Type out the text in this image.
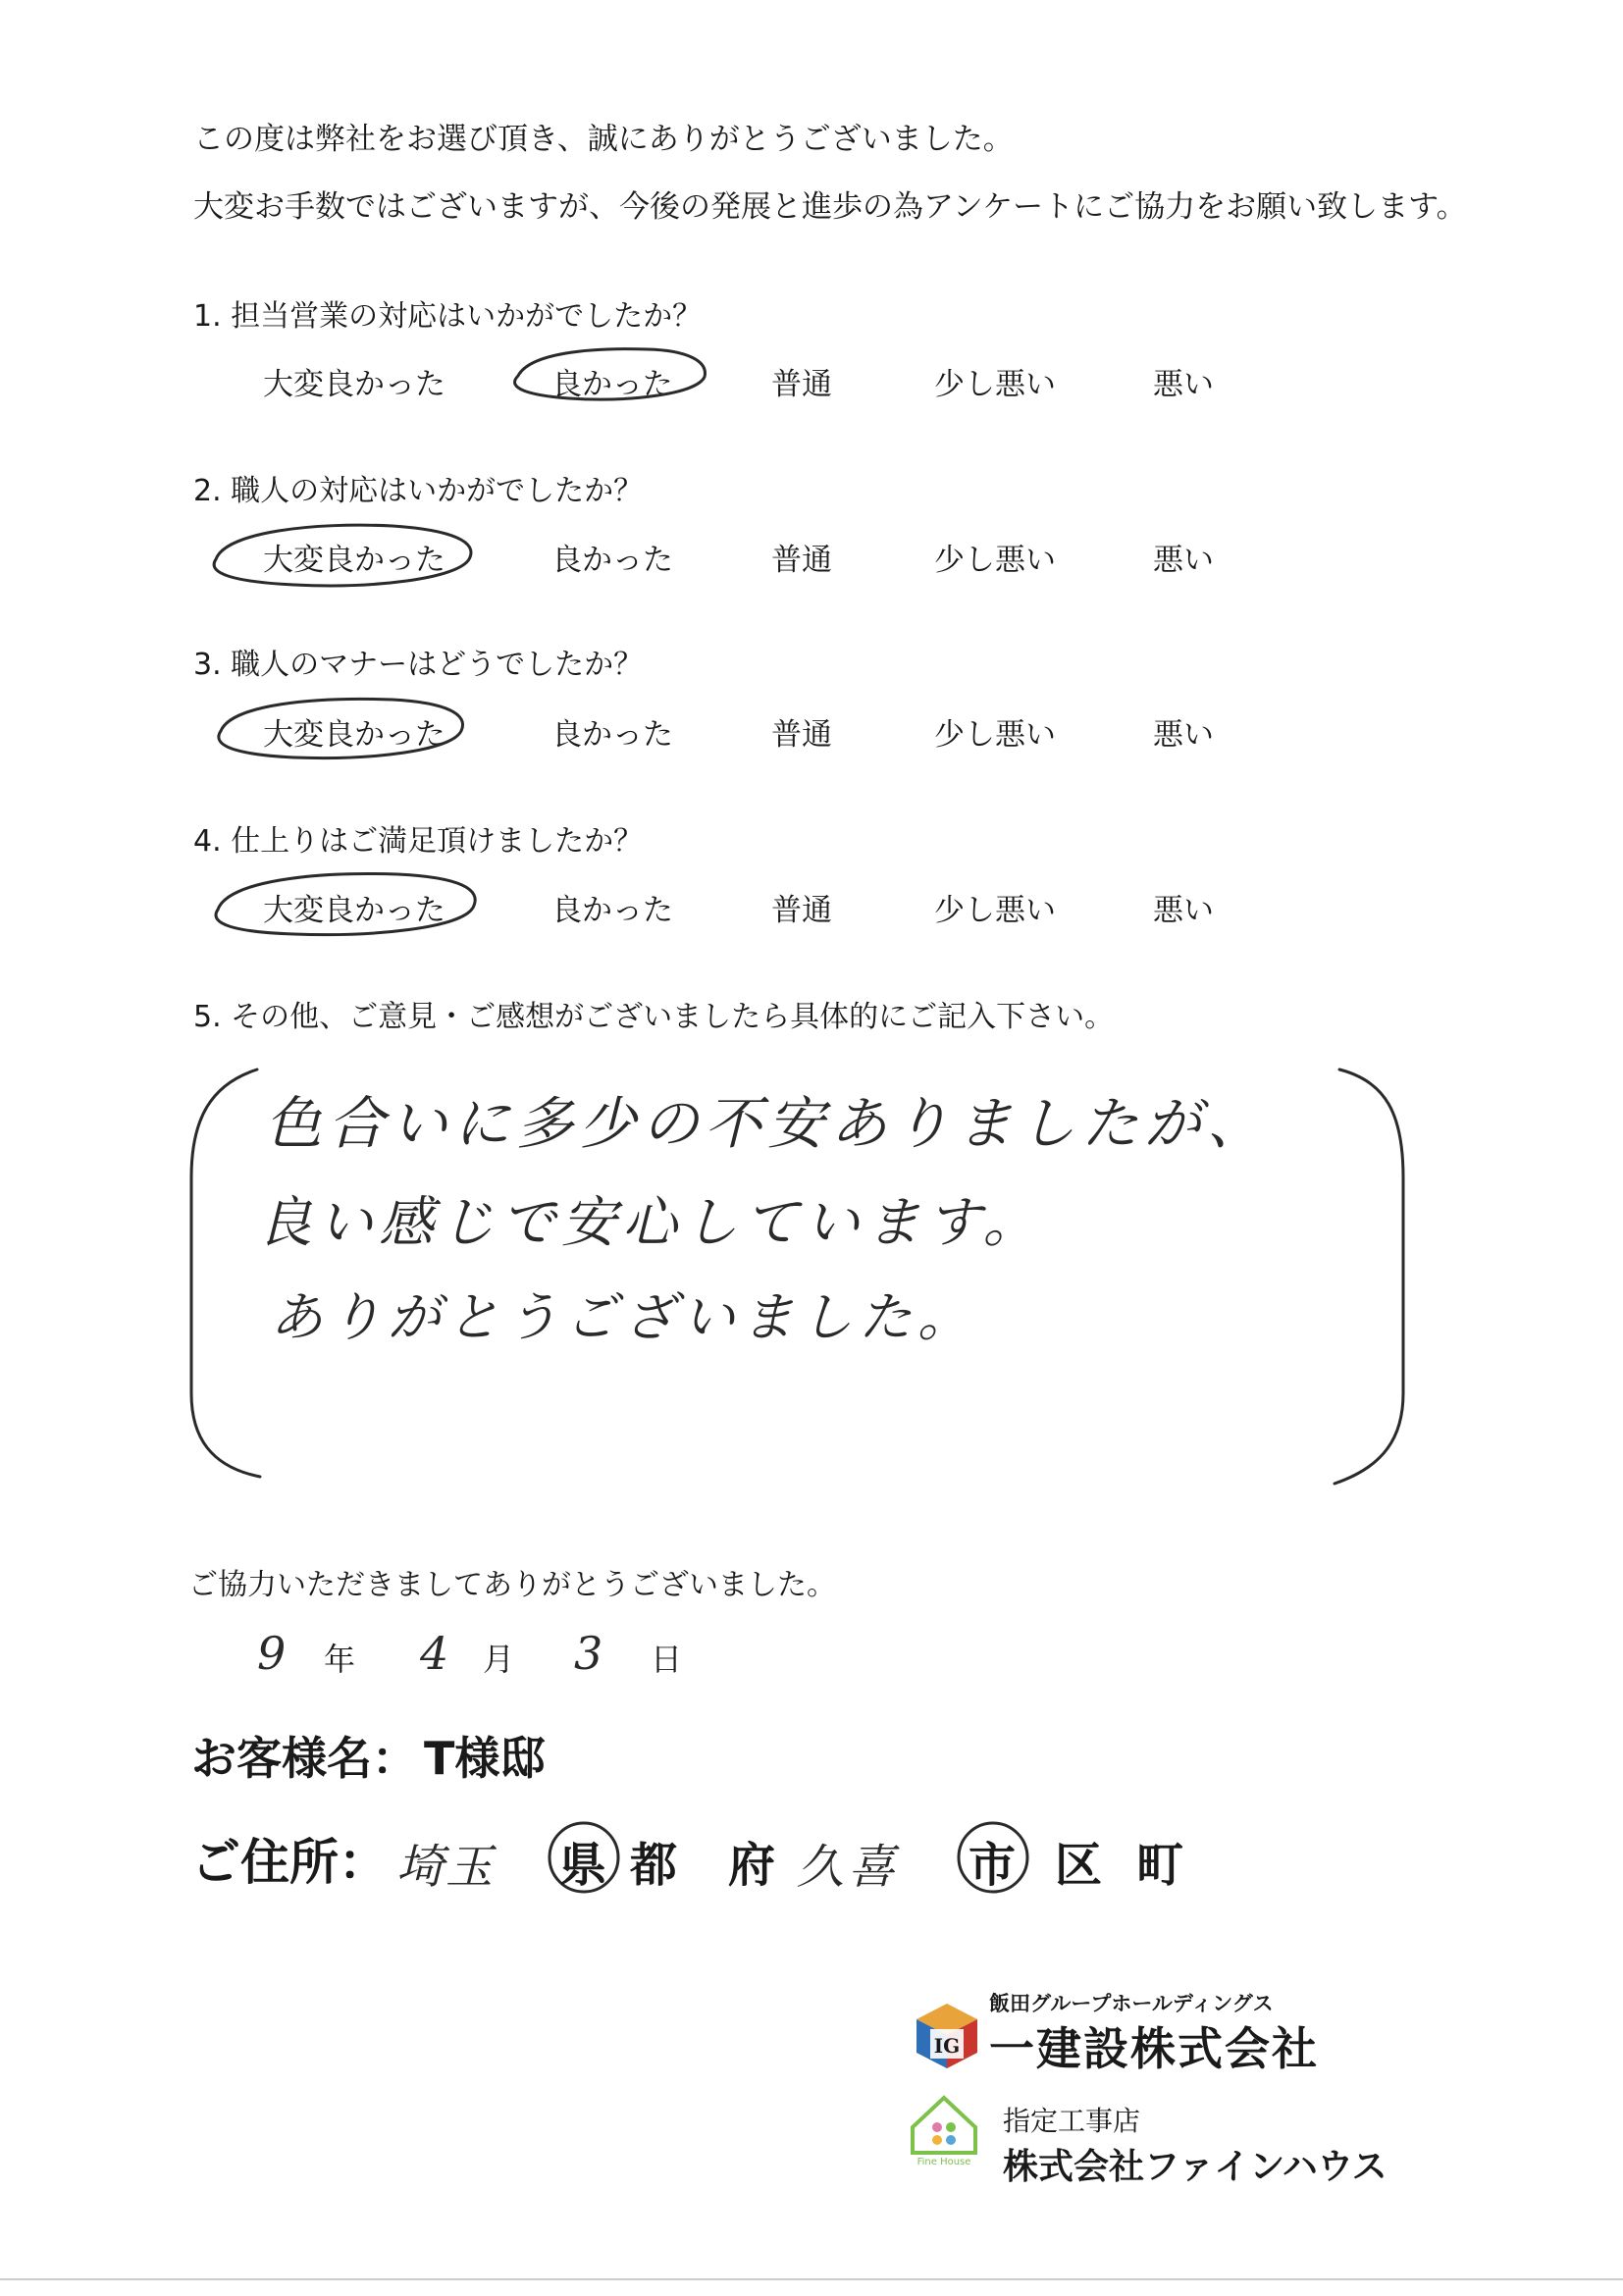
この度は弊社をお選び頂き、誠にありがとうございました。
大変お手数ではございますが、今後の発展と進歩の為アンケートにご協力をお願い致します。
1. 担当営業の対応はいかがでしたか？
大変良かった	良かった	普通	少し悪い	悪い
2. 職人の対応はいかがでしたか？
大変良かった	良かった	普通	少し悪い	悪い
3. 職人のマナーはどうでしたか？
大変良かった	良かった	普通	少し悪い	悪い
4. 仕上りはご満足頂けましたか？
大変良かった	良かった	普通	少し悪い	悪い
5. その他、ご意見・ご感想がございましたら具体的にご記入下さい。
色合いに多少の不安ありましたが、
良い感じで安心しています。
ありがとうございました。
ご協力いただきましてありがとうございました。
9 年 4 月 3 日
お客様名： T様邸
ご住所： 埼玉 県 都 府 久喜 市 区 町
IG
飯田グループホールディングス
一建設株式会社
Fine House
指定工事店
株式会社ファインハウス
